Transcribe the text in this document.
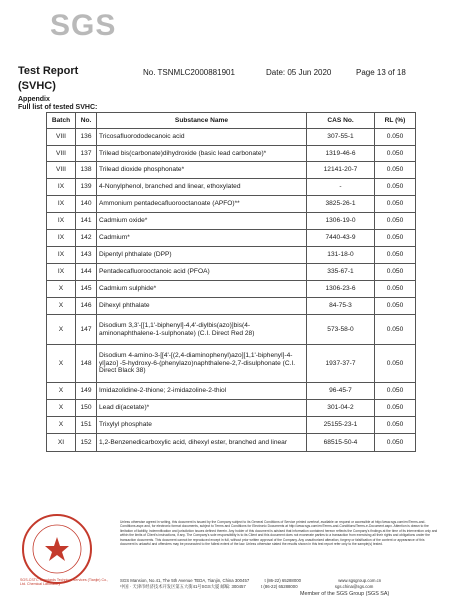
SGS
Test Report
(SVHC)
No. TSNMLC2000881901	Date: 05 Jun 2020	Page 13 of 18
Appendix
Full list of tested SVHC:
Batch	No.	Substance Name	CAS No.	RL (%)
VIII	136	Tricosafluorododecanoic acid	307-55-1	0.050
VIII	137	Trilead bis(carbonate)dihydroxide (basic lead carbonate)*	1319-46-6	0.050
VIII	138	Trilead dioxide phosphonate*	12141-20-7	0.050
IX	139	4-Nonylphenol, branched and linear, ethoxylated	-	0.050
IX	140	Ammonium pentadecafluorooctanoate (APFO)**	3825-26-1	0.050
IX	141	Cadmium oxide*	1306-19-0	0.050
IX	142	Cadmium*	7440-43-9	0.050
IX	143	Dipentyl phthalate (DPP)	131-18-0	0.050
IX	144	Pentadecafluorooctanoic acid (PFOA)	335-67-1	0.050
X	145	Cadmium sulphide*	1306-23-6	0.050
X	146	Dihexyl phthalate	84-75-3	0.050
X	147	Disodium 3,3'-[[1,1'-biphenyl]-4,4'-diylbis(azo)]bis(4-aminonaphthalene-1-sulphonate) (C.I. Direct Red 28)	573-58-0	0.050
X	148	Disodium 4-amino-3-[[4'-[(2,4-diaminophenyl)azo][1,1'-biphenyl]-4-yl]azo] -5-hydroxy-6-(phenylazo)naphthalene-2,7-disulphonate (C.I. Direct Black 38)	1937-37-7	0.050
X	149	Imidazolidine-2-thione; 2-imidazoline-2-thiol	96-45-7	0.050
X	150	Lead di(acetate)*	301-04-2	0.050
X	151	Trixylyl phosphate	25155-23-1	0.050
XI	152	1,2-Benzenedicarboxylic acid, dihexyl ester, branched and linear	68515-50-4	0.050
Unless otherwise agreed in writing, this document is issued by the Company subject to its General Conditions of Service printed overleaf, available on request or accessible at http://www.sgs.com/en/Terms-and-Conditions.aspx and, for electronic format documents, subject to Terms and Conditions for Electronic Documents at http://www.sgs.com/en/Terms-and-Conditions/Terms-e-Document.aspx. Attention is drawn to the limitation of liability, indemnification and jurisdiction issues defined therein. Any holder of this document is advised that information contained hereon reflects the Company's findings at the time of its intervention only and within the limits of Client's instructions, if any. The Company's sole responsibility is to its Client and this document does not exonerate parties to a transaction from exercising all their rights and obligations under the transaction documents. This document cannot be reproduced except in full, without prior written approval of the Company. Any unauthorized alteration, forgery or falsification of the content or appearance of this document is unlawful and offenders may be prosecuted to the fullest extent of the law. Unless otherwise stated the results shown in this test report refer only to the sample(s) tested.
SGS-CSTC Standards Technical Services (Tianjin) Co., Ltd. Chemical Laboratory
SGS Mansion, No.41, The 5th Avenue TEDA, Tianjin, China 300457	t (86-22) 65288000	www.sgsgroup.com.cn
中国 · 天津市经济技术开发区第五大街41号SGS大厦 邮编: 300457	t (86-22) 65288000	sgs.china@sgs.com
Member of the SGS Group (SGS SA)
